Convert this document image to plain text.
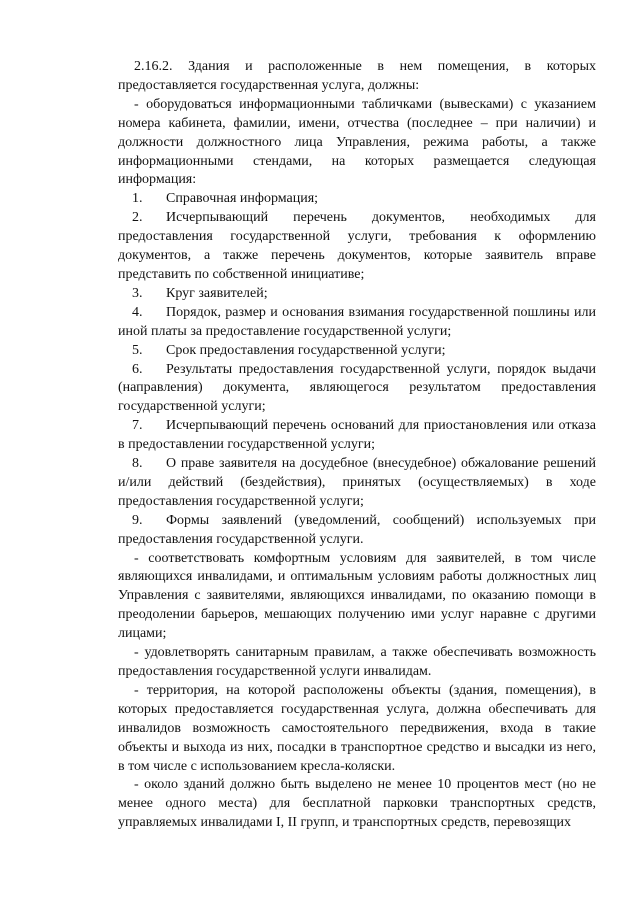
2.16.2. Здания и расположенные в нем помещения, в которых предоставляется государственная услуга, должны:

- оборудоваться информационными табличками (вывесками) с указанием номера кабинета, фамилии, имени, отчества (последнее – при наличии) и должности должностного лица Управления, режима работы, а также информационными стендами, на которых размещается следующая информация:

1. Справочная информация;

2. Исчерпывающий перечень документов, необходимых для предоставления государственной услуги, требования к оформлению документов, а также перечень документов, которые заявитель вправе представить по собственной инициативе;

3. Круг заявителей;

4. Порядок, размер и основания взимания государственной пошлины или иной платы за предоставление государственной услуги;

5. Срок предоставления государственной услуги;

6. Результаты предоставления государственной услуги, порядок выдачи (направления) документа, являющегося результатом предоставления государственной услуги;

7. Исчерпывающий перечень оснований для приостановления или отказа в предоставлении государственной услуги;

8. О праве заявителя на досудебное (внесудебное) обжалование решений и/или действий (бездействия), принятых (осуществляемых) в ходе предоставления государственной услуги;

9. Формы заявлений (уведомлений, сообщений) используемых при предоставления государственной услуги.

- соответствовать комфортным условиям для заявителей, в том числе являющихся инвалидами, и оптимальным условиям работы должностных лиц Управления с заявителями, являющихся инвалидами, по оказанию помощи в преодолении барьеров, мешающих получению ими услуг наравне с другими лицами;

- удовлетворять санитарным правилам, а также обеспечивать возможность предоставления государственной услуги инвалидам.

- территория, на которой расположены объекты (здания, помещения), в которых предоставляется государственная услуга, должна обеспечивать для инвалидов возможность самостоятельного передвижения, входа в такие объекты и выхода из них, посадки в транспортное средство и высадки из него, в том числе с использованием кресла-коляски.

- около зданий должно быть выделено не менее 10 процентов мест (но не менее одного места) для бесплатной парковки транспортных средств, управляемых инвалидами I, II групп, и транспортных средств, перевозящих
